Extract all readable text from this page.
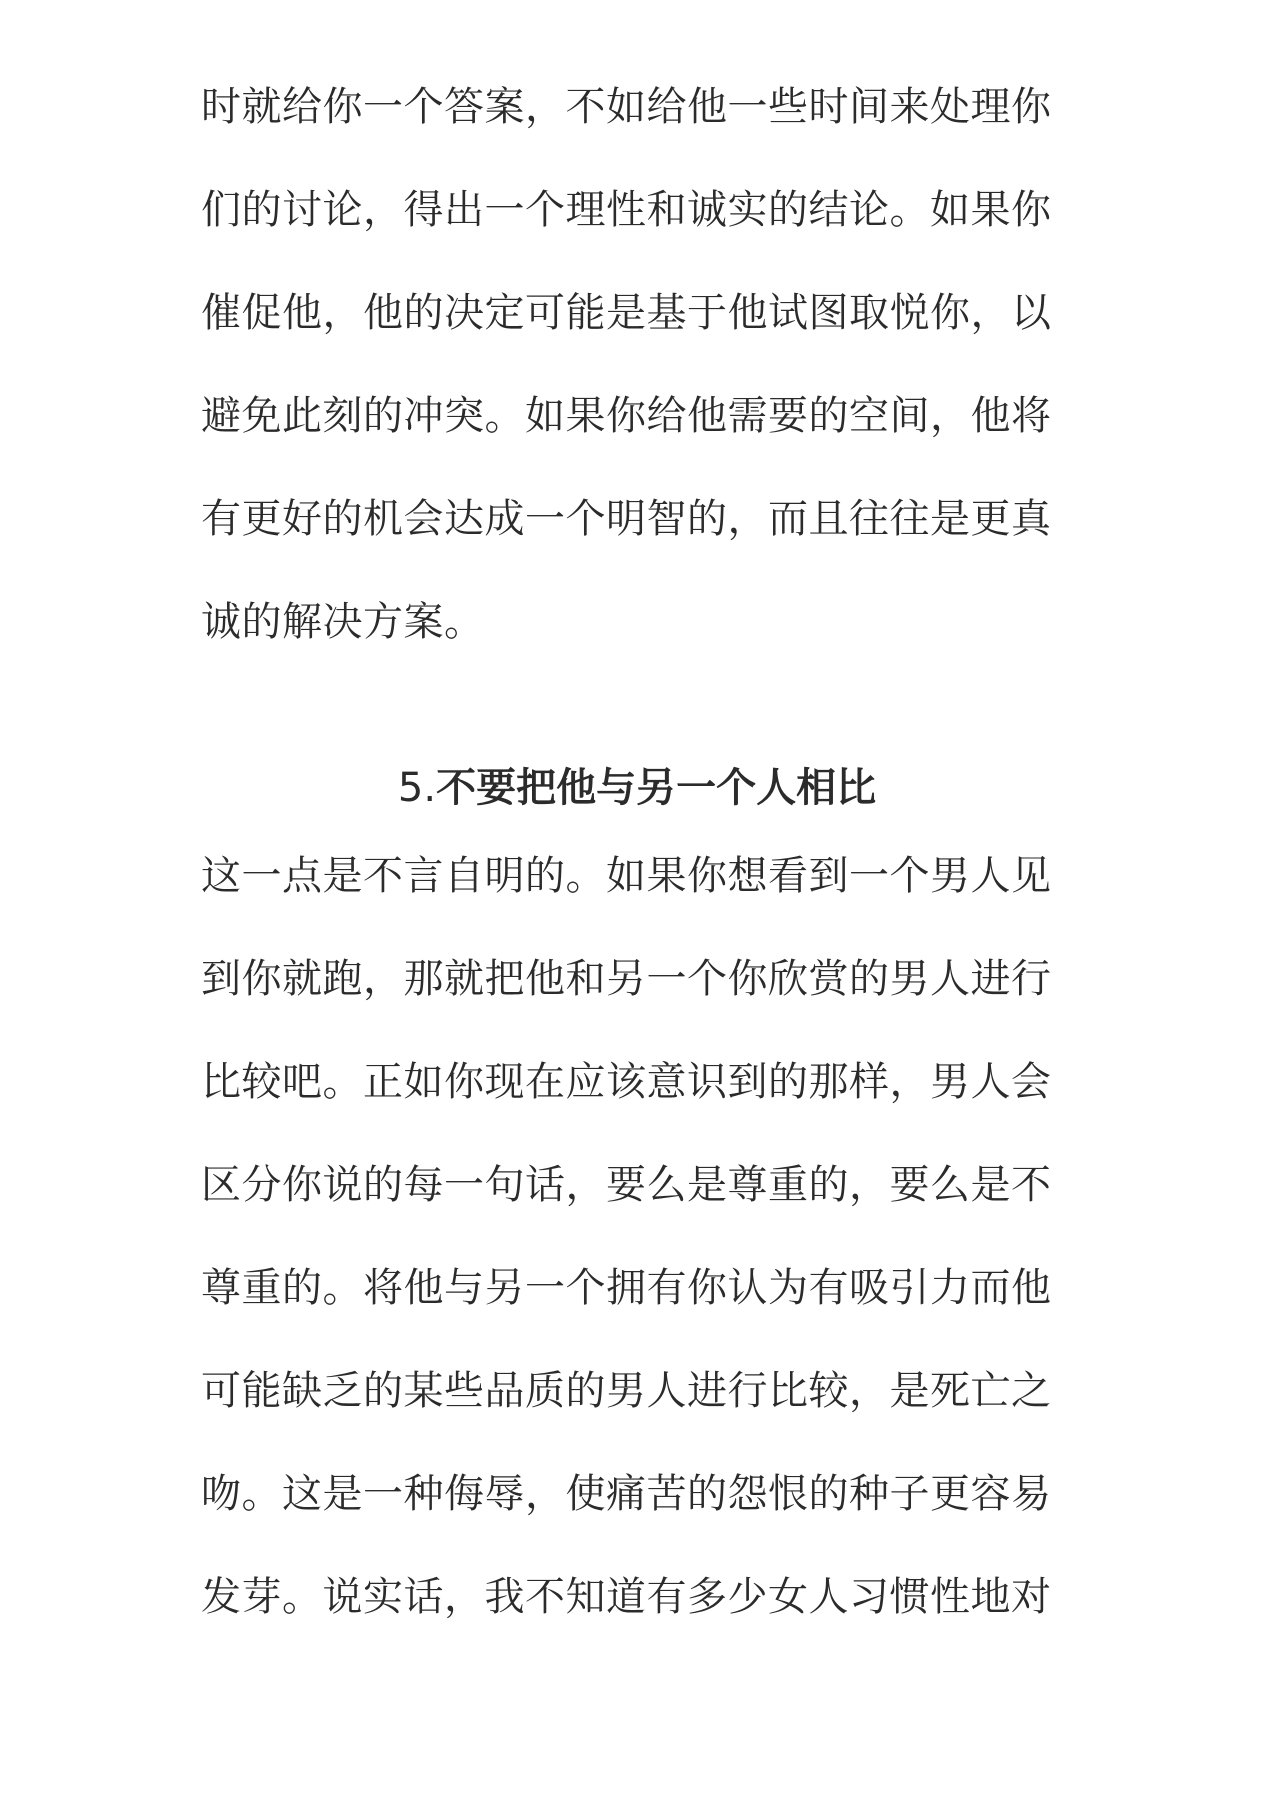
时就给你一个答案，不如给他一些时间来处理你
们的讨论，得出一个理性和诚实的结论。如果你
催促他，他的决定可能是基于他试图取悦你，以
避免此刻的冲突。如果你给他需要的空间，他将
有更好的机会达成一个明智的，而且往往是更真
诚的解决方案。
5.不要把他与另一个人相比
这一点是不言自明的。如果你想看到一个男人见
到你就跑，那就把他和另一个你欣赏的男人进行
比较吧。正如你现在应该意识到的那样，男人会
区分你说的每一句话，要么是尊重的，要么是不
尊重的。将他与另一个拥有你认为有吸引力而他
可能缺乏的某些品质的男人进行比较，是死亡之
吻。这是一种侮辱，使痛苦的怨恨的种子更容易
发芽。说实话，我不知道有多少女人习惯性地对
